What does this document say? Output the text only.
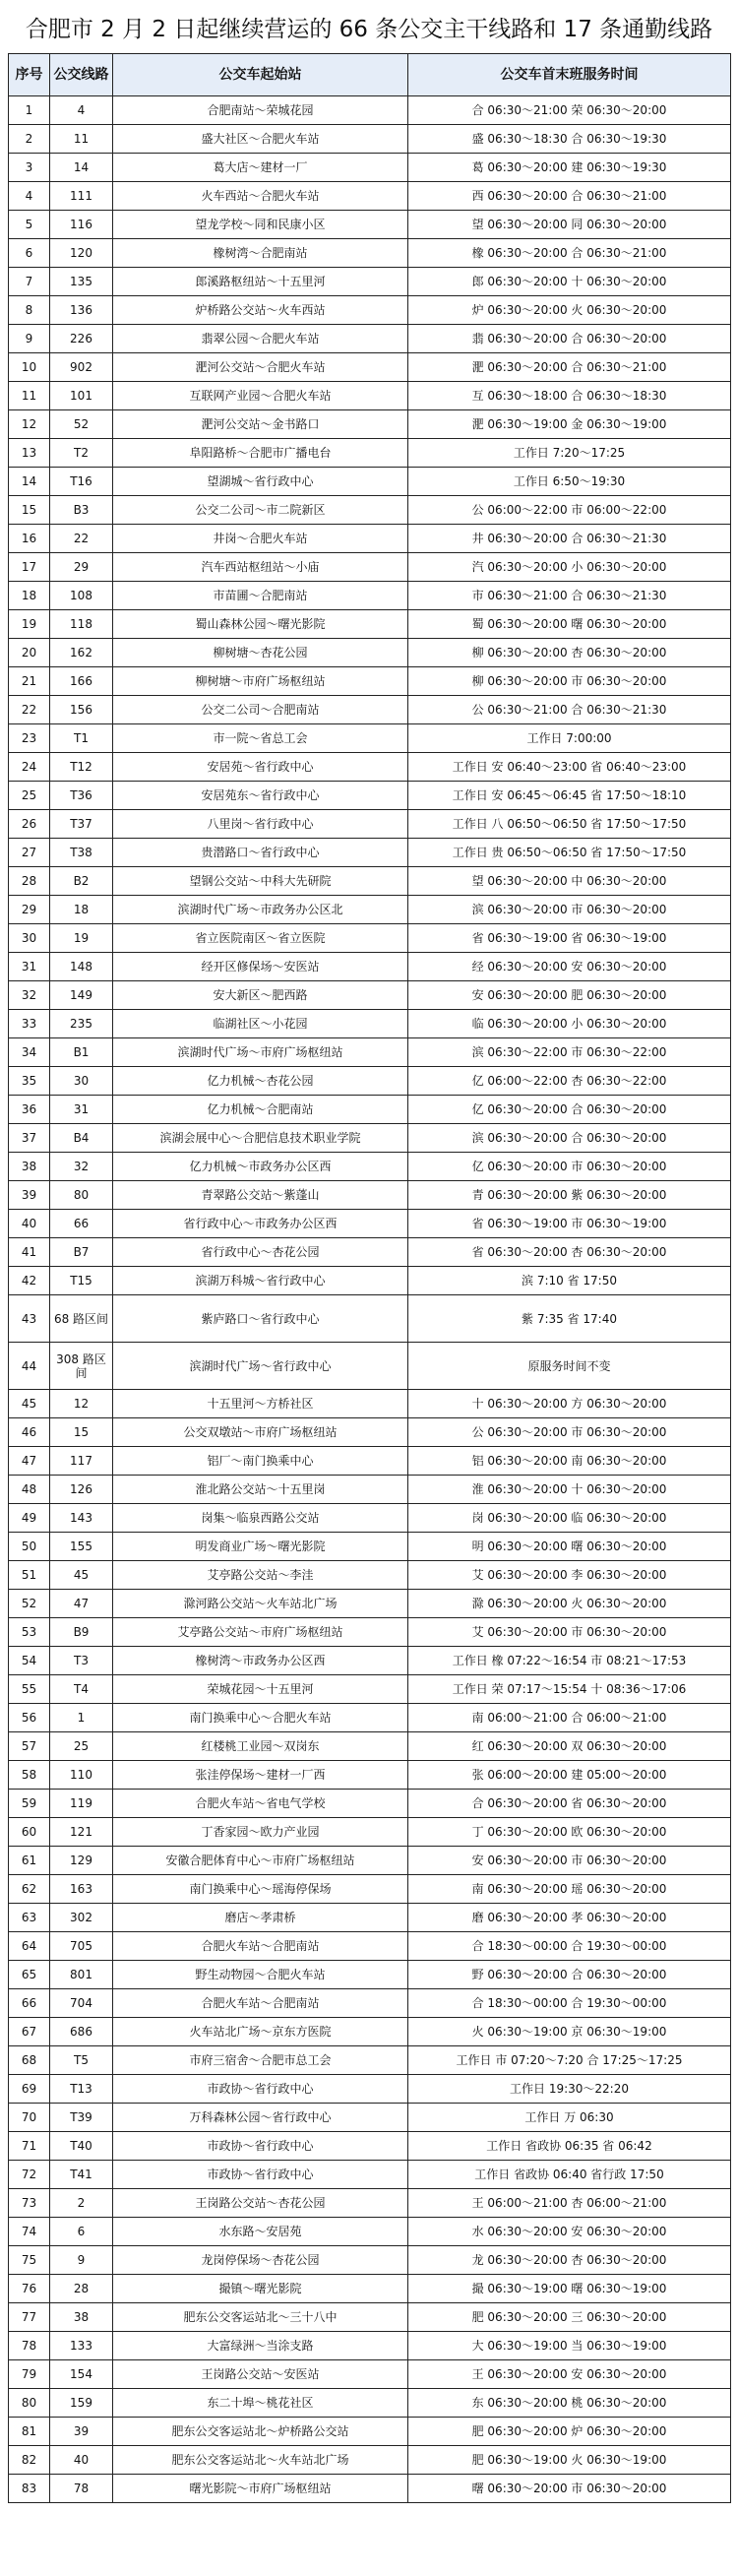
合肥市 2 月 2 日起继续营运的 66 条公交主干线路和 17 条通勤线路
序号	公交线路	公交车起始站	公交车首末班服务时间
1	4	合肥南站～荣城花园	合 06:30～21:00 荣 06:30～20:00
2	11	盛大社区～合肥火车站	盛 06:30～18:30 合 06:30～19:30
3	14	葛大店～建材一厂	葛 06:30～20:00 建 06:30～19:30
4	111	火车西站～合肥火车站	西 06:30～20:00 合 06:30～21:00
5	116	望龙学校～同和民康小区	望 06:30～20:00 同 06:30～20:00
6	120	橡树湾～合肥南站	橡 06:30～20:00 合 06:30～21:00
7	135	郎溪路枢纽站～十五里河	郎 06:30～20:00 十 06:30～20:00
8	136	炉桥路公交站～火车西站	炉 06:30～20:00 火 06:30～20:00
9	226	翡翠公园～合肥火车站	翡 06:30～20:00 合 06:30～20:00
10	902	淝河公交站～合肥火车站	淝 06:30～20:00 合 06:30～21:00
11	101	互联网产业园～合肥火车站	互 06:30～18:00 合 06:30～18:30
12	52	淝河公交站～金书路口	淝 06:30～19:00 金 06:30～19:00
13	T2	阜阳路桥～合肥市广播电台	工作日 7:20～17:25
14	T16	望湖城～省行政中心	工作日 6:50～19:30
15	B3	公交二公司～市二院新区	公 06:00～22:00 市 06:00～22:00
16	22	井岗～合肥火车站	井 06:30～20:00 合 06:30～21:30
17	29	汽车西站枢纽站～小庙	汽 06:30～20:00 小 06:30～20:00
18	108	市苗圃～合肥南站	市 06:30～21:00 合 06:30～21:30
19	118	蜀山森林公园～曙光影院	蜀 06:30～20:00 曙 06:30～20:00
20	162	柳树塘～杏花公园	柳 06:30～20:00 杏 06:30～20:00
21	166	柳树塘～市府广场枢纽站	柳 06:30～20:00 市 06:30～20:00
22	156	公交二公司～合肥南站	公 06:30～21:00 合 06:30～21:30
23	T1	市一院～省总工会	工作日 7:00:00
24	T12	安居苑～省行政中心	工作日 安 06:40～23:00 省 06:40～23:00
25	T36	安居苑东～省行政中心	工作日 安 06:45～06:45 省 17:50～18:10
26	T37	八里岗～省行政中心	工作日 八 06:50～06:50 省 17:50～17:50
27	T38	贵潜路口～省行政中心	工作日 贵 06:50～06:50 省 17:50～17:50
28	B2	望钢公交站～中科大先研院	望 06:30～20:00 中 06:30～20:00
29	18	滨湖时代广场～市政务办公区北	滨 06:30～20:00 市 06:30～20:00
30	19	省立医院南区～省立医院	省 06:30～19:00 省 06:30～19:00
31	148	经开区修保场～安医站	经 06:30～20:00 安 06:30～20:00
32	149	安大新区～肥西路	安 06:30～20:00 肥 06:30～20:00
33	235	临湖社区～小花园	临 06:30～20:00 小 06:30～20:00
34	B1	滨湖时代广场～市府广场枢纽站	滨 06:30～22:00 市 06:30～22:00
35	30	亿力机械～杏花公园	亿 06:00～22:00 杏 06:30～22:00
36	31	亿力机械～合肥南站	亿 06:30～20:00 合 06:30～20:00
37	B4	滨湖会展中心～合肥信息技术职业学院	滨 06:30～20:00 合 06:30～20:00
38	32	亿力机械～市政务办公区西	亿 06:30～20:00 市 06:30～20:00
39	80	青翠路公交站～紫蓬山	青 06:30～20:00 紫 06:30～20:00
40	66	省行政中心～市政务办公区西	省 06:30～19:00 市 06:30～19:00
41	B7	省行政中心～杏花公园	省 06:30～20:00 杏 06:30～20:00
42	T15	滨湖万科城～省行政中心	滨 7:10 省 17:50
43	68 路区间	紫庐路口～省行政中心	紫 7:35 省 17:40
44	308 路区间	滨湖时代广场～省行政中心	原服务时间不变
45	12	十五里河～方桥社区	十 06:30～20:00 方 06:30～20:00
46	15	公交双墩站～市府广场枢纽站	公 06:30～20:00 市 06:30～20:00
47	117	铝厂～南门换乘中心	铝 06:30～20:00 南 06:30～20:00
48	126	淮北路公交站～十五里岗	淮 06:30～20:00 十 06:30～20:00
49	143	岗集～临泉西路公交站	岗 06:30～20:00 临 06:30～20:00
50	155	明发商业广场～曙光影院	明 06:30～20:00 曙 06:30～20:00
51	45	艾亭路公交站～李洼	艾 06:30～20:00 李 06:30～20:00
52	47	滁河路公交站～火车站北广场	滁 06:30～20:00 火 06:30～20:00
53	B9	艾亭路公交站～市府广场枢纽站	艾 06:30～20:00 市 06:30～20:00
54	T3	橡树湾～市政务办公区西	工作日 橡 07:22～16:54 市 08:21～17:53
55	T4	荣城花园～十五里河	工作日 荣 07:17～15:54 十 08:36～17:06
56	1	南门换乘中心～合肥火车站	南 06:00～21:00 合 06:00～21:00
57	25	红楼桃工业园～双岗东	红 06:30～20:00 双 06:30～20:00
58	110	张洼停保场～建材一厂西	张 06:00～20:00 建 05:00～20:00
59	119	合肥火车站～省电气学校	合 06:30～20:00 省 06:30～20:00
60	121	丁香家园～欧力产业园	丁 06:30～20:00 欧 06:30～20:00
61	129	安徽合肥体育中心～市府广场枢纽站	安 06:30～20:00 市 06:30～20:00
62	163	南门换乘中心～瑶海停保场	南 06:30～20:00 瑶 06:30～20:00
63	302	磨店～孝肃桥	磨 06:30～20:00 孝 06:30～20:00
64	705	合肥火车站～合肥南站	合 18:30～00:00 合 19:30～00:00
65	801	野生动物园～合肥火车站	野 06:30～20:00 合 06:30～20:00
66	704	合肥火车站～合肥南站	合 18:30～00:00 合 19:30～00:00
67	686	火车站北广场～京东方医院	火 06:30～19:00 京 06:30～19:00
68	T5	市府三宿舍～合肥市总工会	工作日 市 07:20～7:20 合 17:25～17:25
69	T13	市政协～省行政中心	工作日 19:30～22:20
70	T39	万科森林公园～省行政中心	工作日 万 06:30
71	T40	市政协～省行政中心	工作日 省政协 06:35 省 06:42
72	T41	市政协～省行政中心	工作日 省政协 06:40 省行政 17:50
73	2	王岗路公交站～杏花公园	王 06:00～21:00 杏 06:00～21:00
74	6	水东路～安居苑	水 06:30～20:00 安 06:30～20:00
75	9	龙岗停保场～杏花公园	龙 06:30～20:00 杏 06:30～20:00
76	28	撮镇～曙光影院	撮 06:30～19:00 曙 06:30～19:00
77	38	肥东公交客运站北～三十八中	肥 06:30～20:00 三 06:30～20:00
78	133	大富绿洲～当涂支路	大 06:30～19:00 当 06:30～19:00
79	154	王岗路公交站～安医站	王 06:30～20:00 安 06:30～20:00
80	159	东二十埠～桃花社区	东 06:30～20:00 桃 06:30～20:00
81	39	肥东公交客运站北～炉桥路公交站	肥 06:30～20:00 炉 06:30～20:00
82	40	肥东公交客运站北～火车站北广场	肥 06:30～19:00 火 06:30～19:00
83	78	曙光影院～市府广场枢纽站	曙 06:30～20:00 市 06:30～20:00
